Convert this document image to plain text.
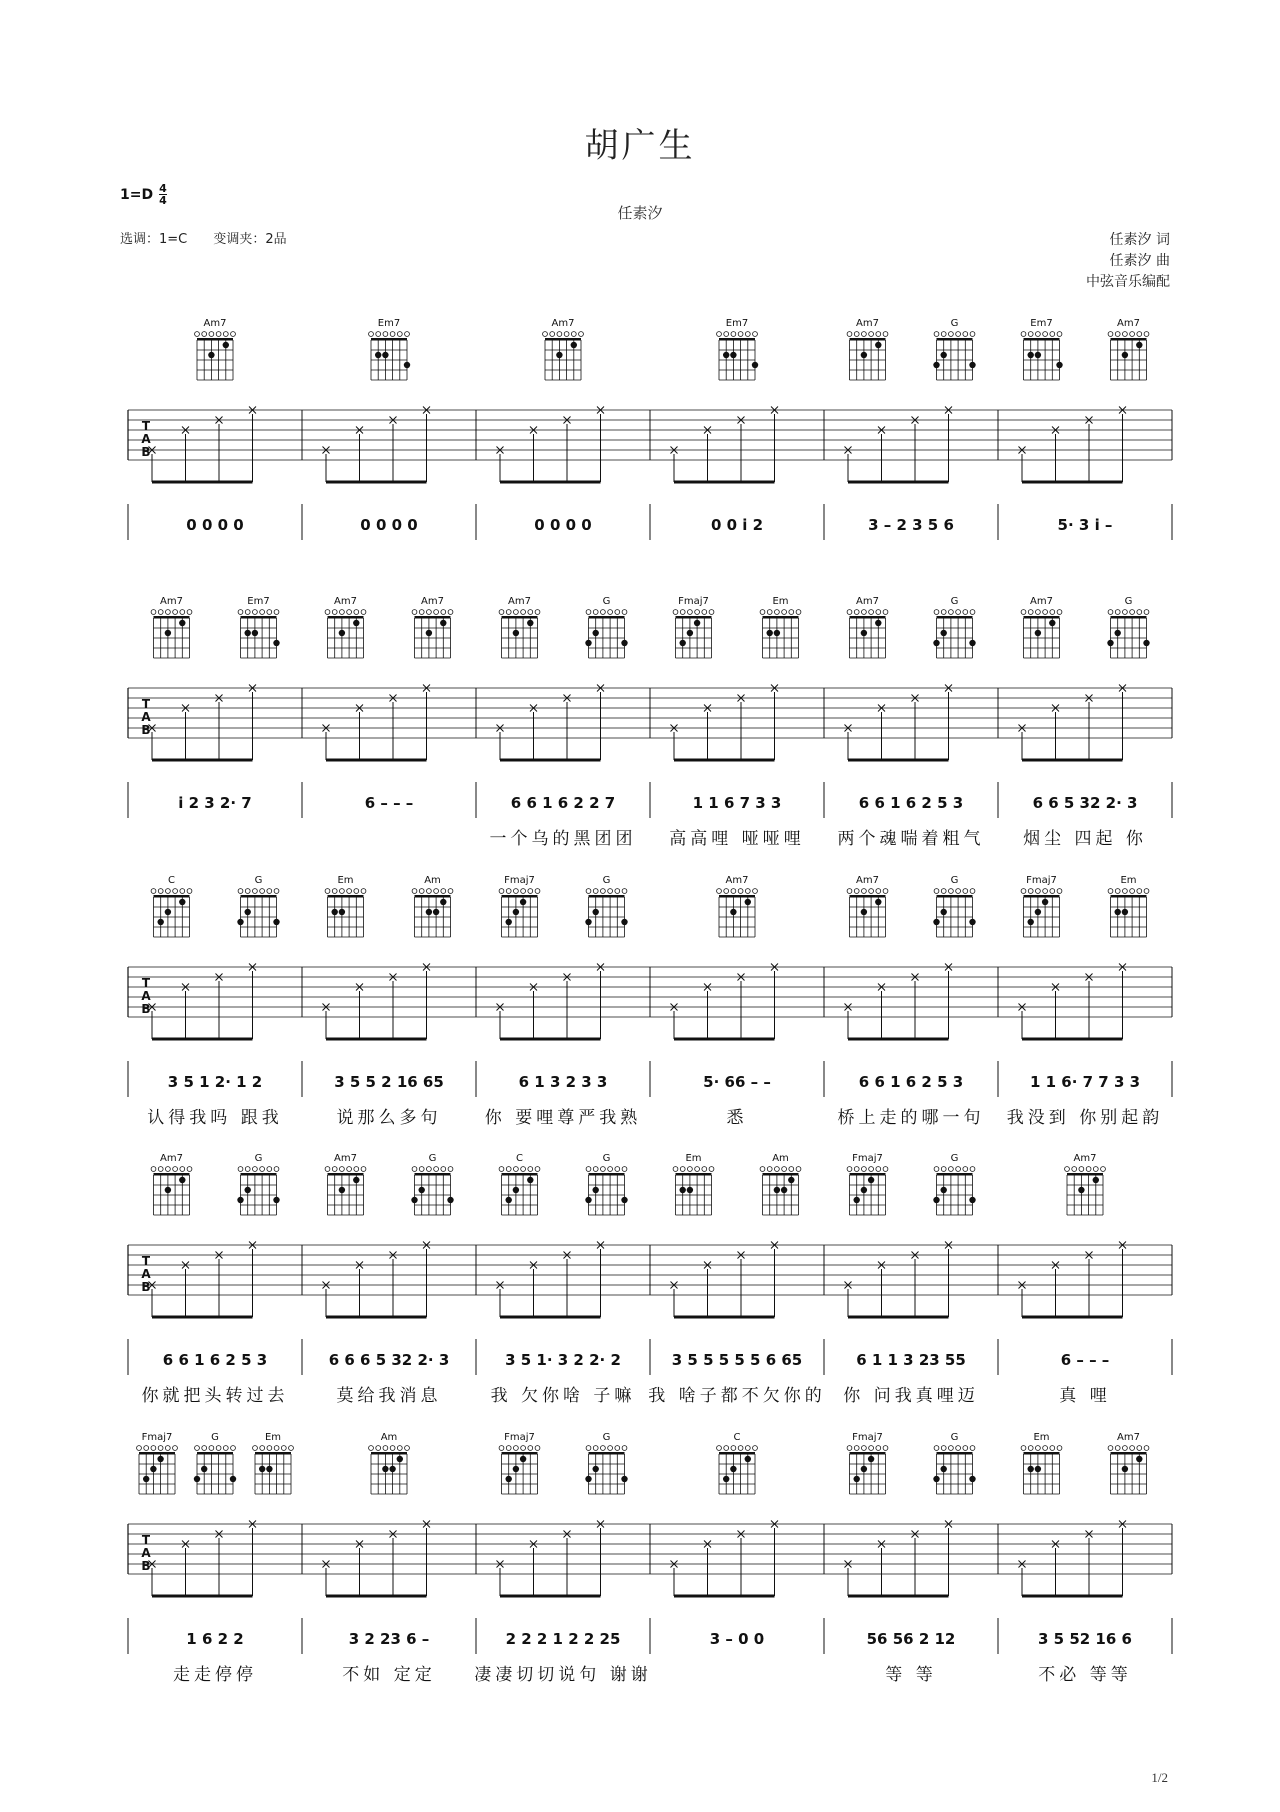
胡广生
1=D 4
4
任素汐
选调：1=C 变调夹：2品	任素汐 词
任素汐 曲
中弦音乐编配
T A B
Am7
0 0 0 0
Em7
0 0 0 0
Am7
0 0 0 0
Em7
0 0 i 2
Am7	G
3 – 2 3 5 6
Em7	Am7
5· 3 i –
T A B
Am7	Em7
i 2 3 2· 7
Am7	Am7
6 – – –
Am7	G
6 6 1 6 2 2 7
一个乌的黑团团
Fmaj7	Em
1 1 6 7 3 3
高高哩 哑哑哩
Am7	G
6 6 1 6 2 5 3
两个魂喘着粗气
Am7	G
6 6 5 32 2· 3
烟尘 四起 你
T A B
C	G
3 5 1 2· 1 2
认得我吗 跟我
Em	Am
3 5 5 2 16 65
说那么多句
Fmaj7	G
6 1 3 2 3 3
你 要哩尊严我熟
Am7
5· 66 – –
悉
Am7	G
6 6 1 6 2 5 3
桥上走的哪一句
Fmaj7	Em
1 1 6· 7 7 3 3
我没到 你别起韵
T A B
Am7	G
6 6 1 6 2 5 3
你就把头转过去
Am7	G
6 6 6 5 32 2· 3
莫给我消息
C	G
3 5 1· 3 2 2· 2
我 欠你啥 子嘛
Em	Am
3 5 5 5 5 5 6 65
我 啥子都不欠你的
Fmaj7	G
6 1 1 3 23 55
你 问我真哩迈
Am7
6 – – –
真 哩
T A B
Fmaj7	G	Em
1 6 2 2
走走停停
Am
3 2 23 6 –
不如 定定
Fmaj7	G
2 2 2 1 2 2 25
凄凄切切说句 谢谢
C
3 – 0 0
Fmaj7	G
56 56 2 12
等 等
Em	Am7
3 5 52 16 6
不必 等等
1/2
